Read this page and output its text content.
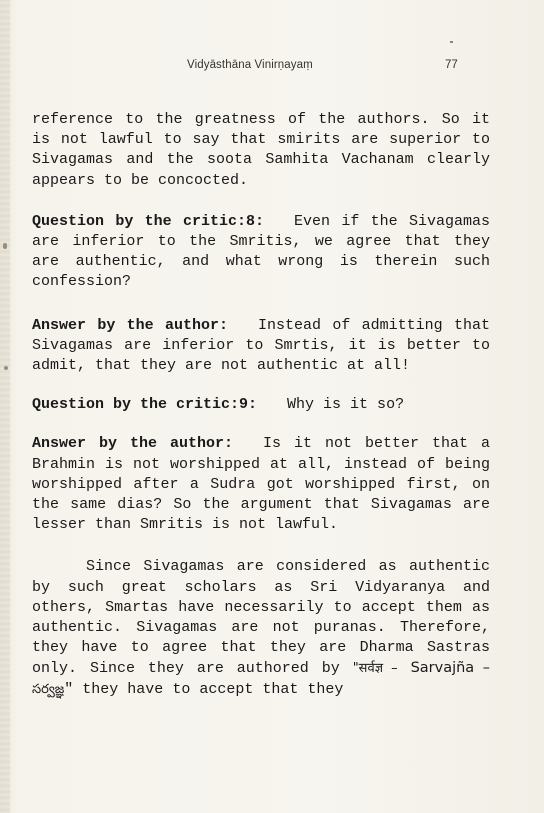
Vidyāsthāna Vinirṇayaṃ	77

reference to the greatness of the authors. So it is not lawful to say that smirits are superior to Sivagamas and the soota Samhita Vachanam clearly appears to be concocted.

Question by the critic:8: Even if the Sivagamas are inferior to the Smritis, we agree that they are authentic, and what wrong is therein such confession?

Answer by the author: Instead of admitting that Sivagamas are inferior to Smrtis, it is better to admit, that they are not authentic at all!

Question by the critic:9: Why is it so?

Answer by the author: Is it not better that a Brahmin is not worshipped at all, instead of being worshipped after a Sudra got worshipped first, on the same dias? So the argument that Sivagamas are lesser than Smritis is not lawful.

Since Sivagamas are considered as authentic by such great scholars as Sri Vidyaranya and others, Smartas have necessarily to accept them as authentic. Sivagamas are not puranas. Therefore, they have to agree that they are Dharma Sastras only. Since they are authored by "सर्वज्ञ – Sarvajña – సర్వజ్ఞ" they have to accept that they
